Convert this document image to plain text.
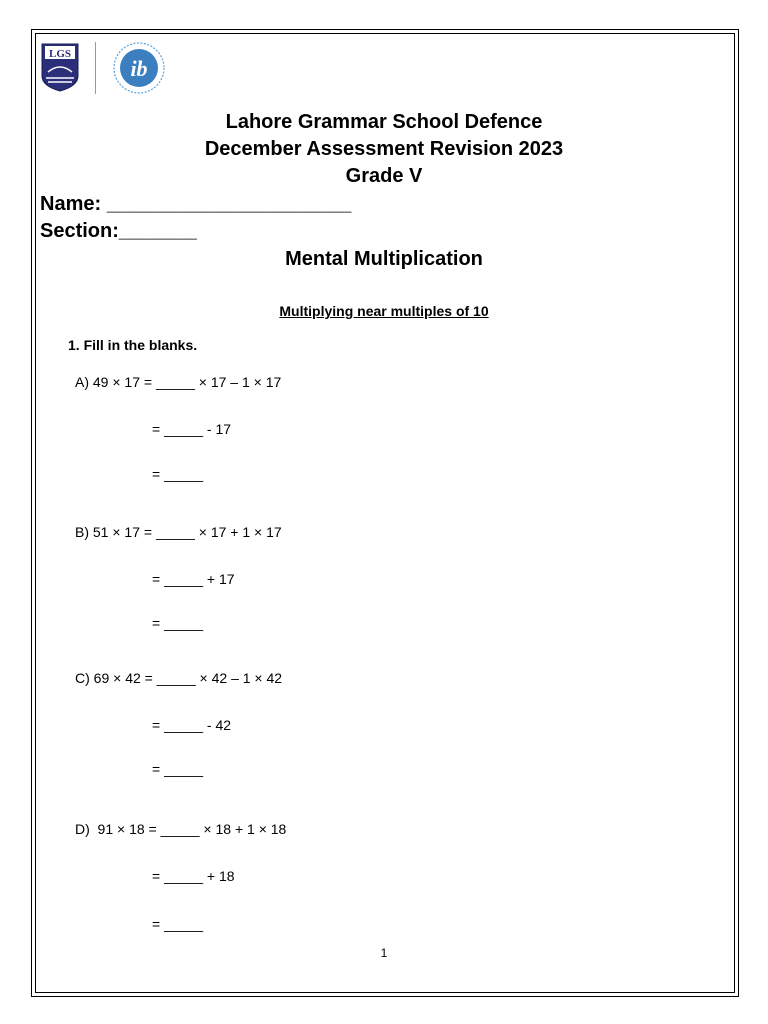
LGS
ib
Lahore Grammar School Defence
December Assessment Revision 2023
Grade V
Name: ______________________
Section:_______
Mental Multiplication
Multiplying near multiples of 10
1. Fill in the blanks.
A) 49 × 17 = _____ × 17 – 1 × 17
= _____ - 17
= _____
B) 51 × 17 = _____ × 17 + 1 × 17
= _____ + 17
= _____
C) 69 × 42 = _____ × 42 – 1 × 42
= _____ - 42
= _____
D)  91 × 18 = _____ × 18 + 1 × 18
= _____ + 18
= _____
1
